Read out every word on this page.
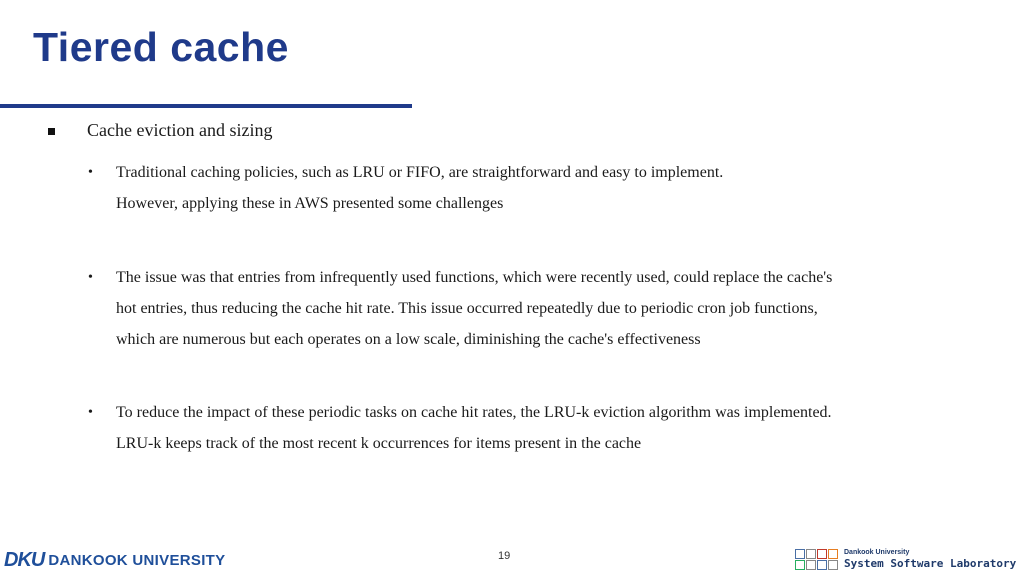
Tiered cache
Cache eviction and sizing
• Traditional caching policies, such as LRU or FIFO, are straightforward and easy to implement.
However, applying these in AWS presented some challenges
• The issue was that entries from infrequently used functions, which were recently used, could replace the cache's
hot entries, thus reducing the cache hit rate. This issue occurred repeatedly due to periodic cron job functions,
which are numerous but each operates on a low scale, diminishing the cache's effectiveness
• To reduce the impact of these periodic tasks on cache hit rates, the LRU-k eviction algorithm was implemented.
LRU-k keeps track of the most recent k occurrences for items present in the cache
19
DKU DANKOOK UNIVERSITY	Dankook University
System Software Laboratory
